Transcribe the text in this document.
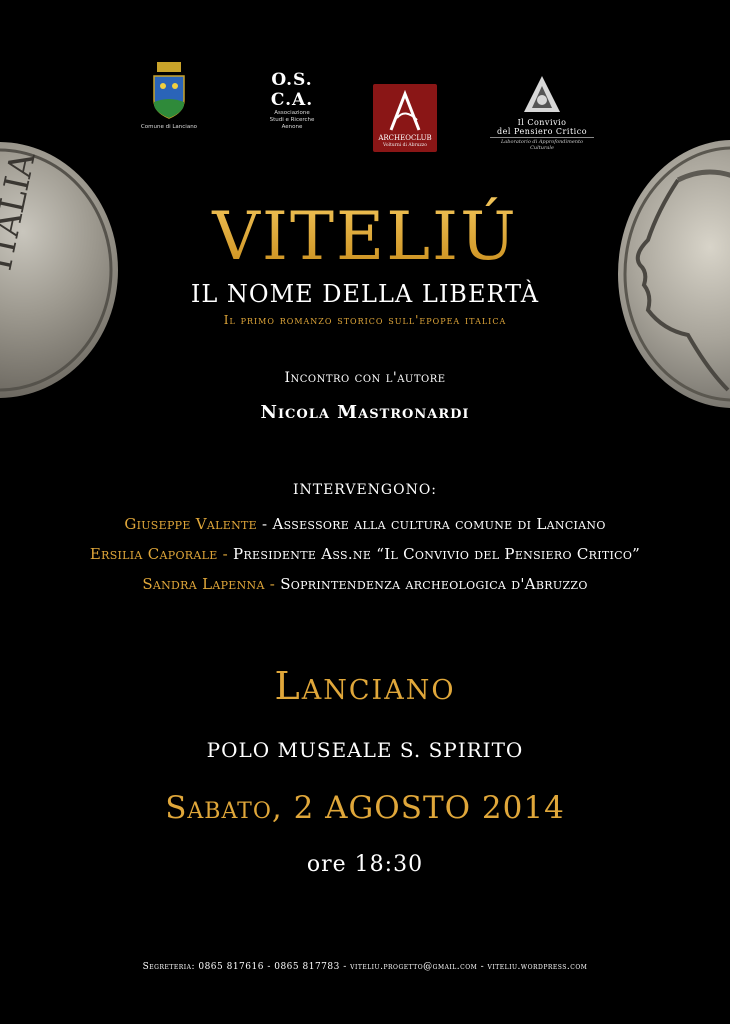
Comune di Lanciano
O.S.
C.A.
Associazione
Studi e Ricerche
Aenone
ARCHEOCLUB
Volturni di Abruzzo
Il Convivio
del Pensiero Critico
Laboratorio di Approfondimento Culturale
VITELIÚ
IL NOME DELLA LIBERTÀ
Il primo romanzo storico sull'epopea italica
Incontro con l'autore
Nicola Mastronardi
INTERVENGONO:
Giuseppe Valente - Assessore alla cultura comune di Lanciano
Ersilia Caporale - Presidente Ass.ne “Il Convivio del Pensiero Critico”
Sandra Lapenna - Soprintendenza archeologica d'Abruzzo
Lanciano
POLO MUSEALE S. SPIRITO
Sabato, 2 AGOSTO 2014
ore 18:30
Segreteria: 0865 817616 - 0865 817783 - viteliu.progetto@gmail.com - viteliu.wordpress.com
